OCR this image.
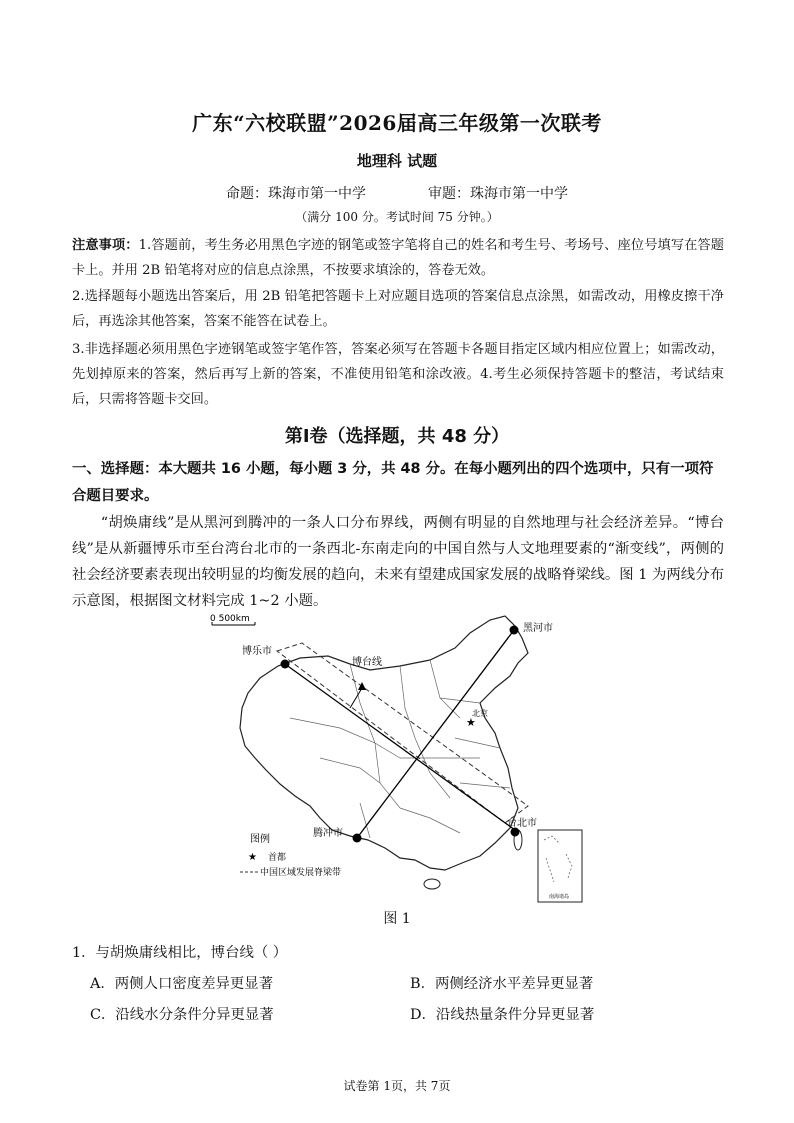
广东“六校联盟”2026届高三年级第一次联考
地理科 试题
命题：珠海市第一中学	审题：珠海市第一中学
（满分 100 分。考试时间 75 分钟。）

注意事项：1.答题前，考生务必用黑色字迹的钢笔或签字笔将自己的姓名和考生号、考场号、座位号填写在答题卡上。并用 2B 铅笔将对应的信息点涂黑，不按要求填涂的，答卷无效。

2.选择题每小题选出答案后，用 2B 铅笔把答题卡上对应题目选项的答案信息点涂黑，如需改动，用橡皮擦干净后，再选涂其他答案，答案不能答在试卷上。

3.非选择题必须用黑色字迹钢笔或签字笔作答，答案必须写在答题卡各题目指定区域内相应位置上；如需改动，先划掉原来的答案，然后再写上新的答案，不准使用铅笔和涂改液。4.考生必须保持答题卡的整洁，考试结束后，只需将答题卡交回。

第Ⅰ卷（选择题，共 48 分）

一、选择题：本大题共 16 小题，每小题 3 分，共 48 分。在每小题列出的四个选项中，只有一项符合题目要求。

“胡焕庸线”是从黑河到腾冲的一条人口分布界线，两侧有明显的自然地理与社会经济差异。“博台线”是从新疆博乐市至台湾台北市的一条西北-东南走向的中国自然与人文地理要素的“渐变线”，两侧的社会经济要素表现出较明显的均衡发展的趋向，未来有望建成国家发展的战略脊梁线。图 1 为两线分布示意图，根据图文材料完成 1~2 小题。

0 500km
博台线
博乐市
黑河市
腾冲市
台北市
★
北京
图例
★ 首都
中国区域发展脊梁带
南海诸岛
图 1
1．与胡焕庸线相比，博台线（ ）
A．两侧人口密度差异更显著	B．两侧经济水平差异更显著
C．沿线水分条件分异更显著	D．沿线热量条件分异更显著
试卷第 1页，共 7页
